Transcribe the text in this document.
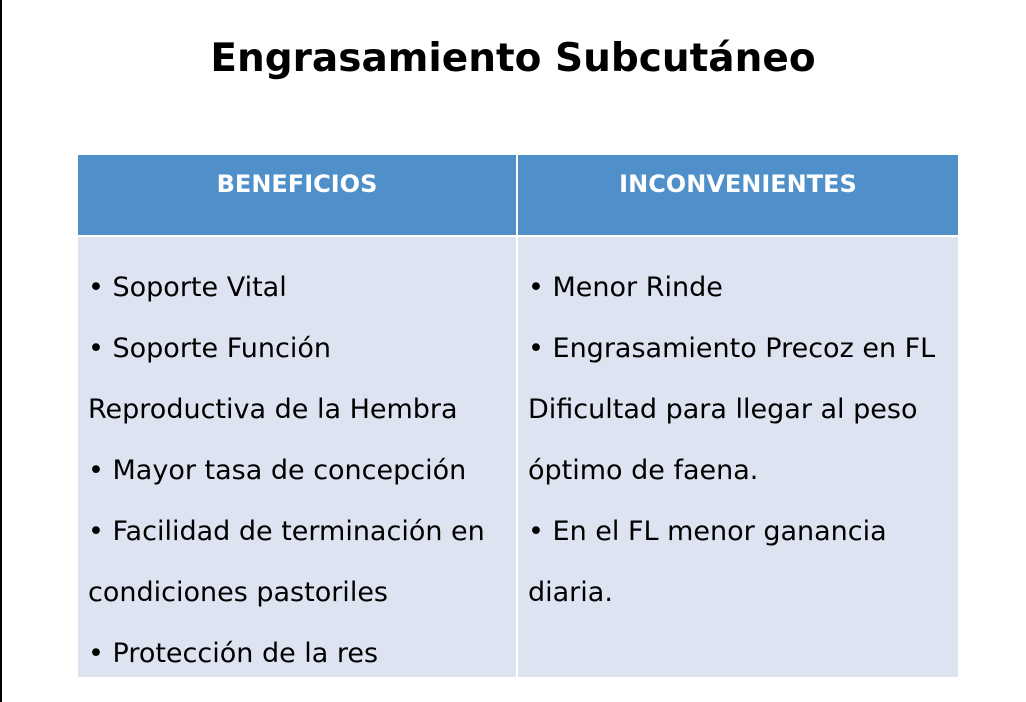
Engrasamiento Subcutáneo
BENEFICIOS	INCONVENIENTES
• Soporte Vital
• Soporte Función
Reproductiva de la Hembra
• Mayor tasa de concepción
• Facilidad de terminación en
condiciones pastoriles
• Protección de la res
• Menor Rinde
• Engrasamiento Precoz en FL
Dificultad para llegar al peso
óptimo de faena.
• En el FL menor ganancia
diaria.
